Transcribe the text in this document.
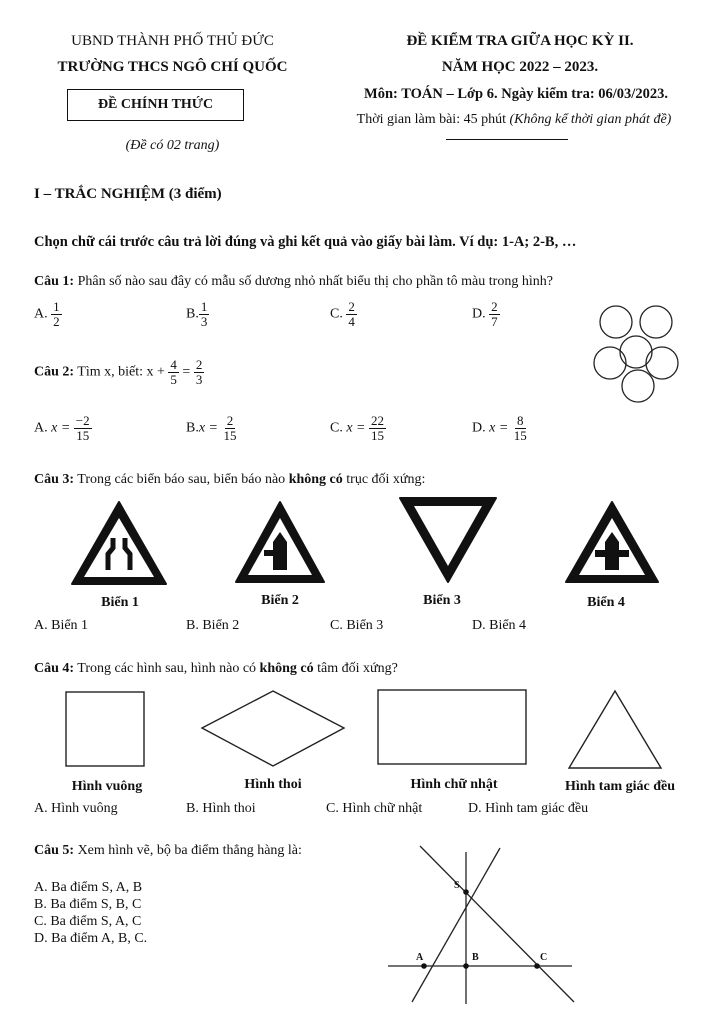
UBND THÀNH PHỐ THỦ ĐỨC
TRƯỜNG THCS NGÔ CHÍ QUỐC
ĐỀ CHÍNH THỨC
(Đề có 02 trang)
ĐỀ KIỂM TRA GIỮA HỌC KỲ II.
NĂM HỌC 2022 – 2023.
Môn: TOÁN – Lớp 6. Ngày kiểm tra: 06/03/2023.
Thời gian làm bài: 45 phút (Không kể thời gian phát đề)
I – TRẮC NGHIỆM (3 điểm)
Chọn chữ cái trước câu trả lời đúng và ghi kết quả vào giấy bài làm. Ví dụ: 1-A; 2-B, …
Câu 1: Phân số nào sau đây có mẫu số dương nhỏ nhất biểu thị cho phần tô màu trong hình?
A. $\frac{1}{2}$	B. $\frac{1}{3}$	C. $\frac{2}{4}$	D. $\frac{2}{7}$
Câu 2: Tìm x, biết: $x + \frac{4}{5} = \frac{2}{3}$
A. $x = \frac{-2}{15}$	$B.x = \frac{2}{15}$	C. $x = \frac{22}{15}$	D. $x = \frac{8}{15}$
Câu 3: Trong các biển báo sau, biển báo nào không có trục đối xứng:
Biển 1	Biển 2	Biển 3	Biển 4
A. Biển 1	B. Biển 2	C. Biển 3	D. Biển 4
Câu 4: Trong các hình sau, hình nào có không có tâm đối xứng?
Hình vuông	Hình thoi	Hình chữ nhật	Hình tam giác đều
A. Hình vuông	B. Hình thoi	C. Hình chữ nhật	D. Hình tam giác đều
Câu 5: Xem hình vẽ, bộ ba điểm thẳng hàng là:
A. Ba điểm S, A, B
B. Ba điểm S, B, C
C. Ba điểm S, A, C
D. Ba điểm A, B, C.
S
A	B	C
